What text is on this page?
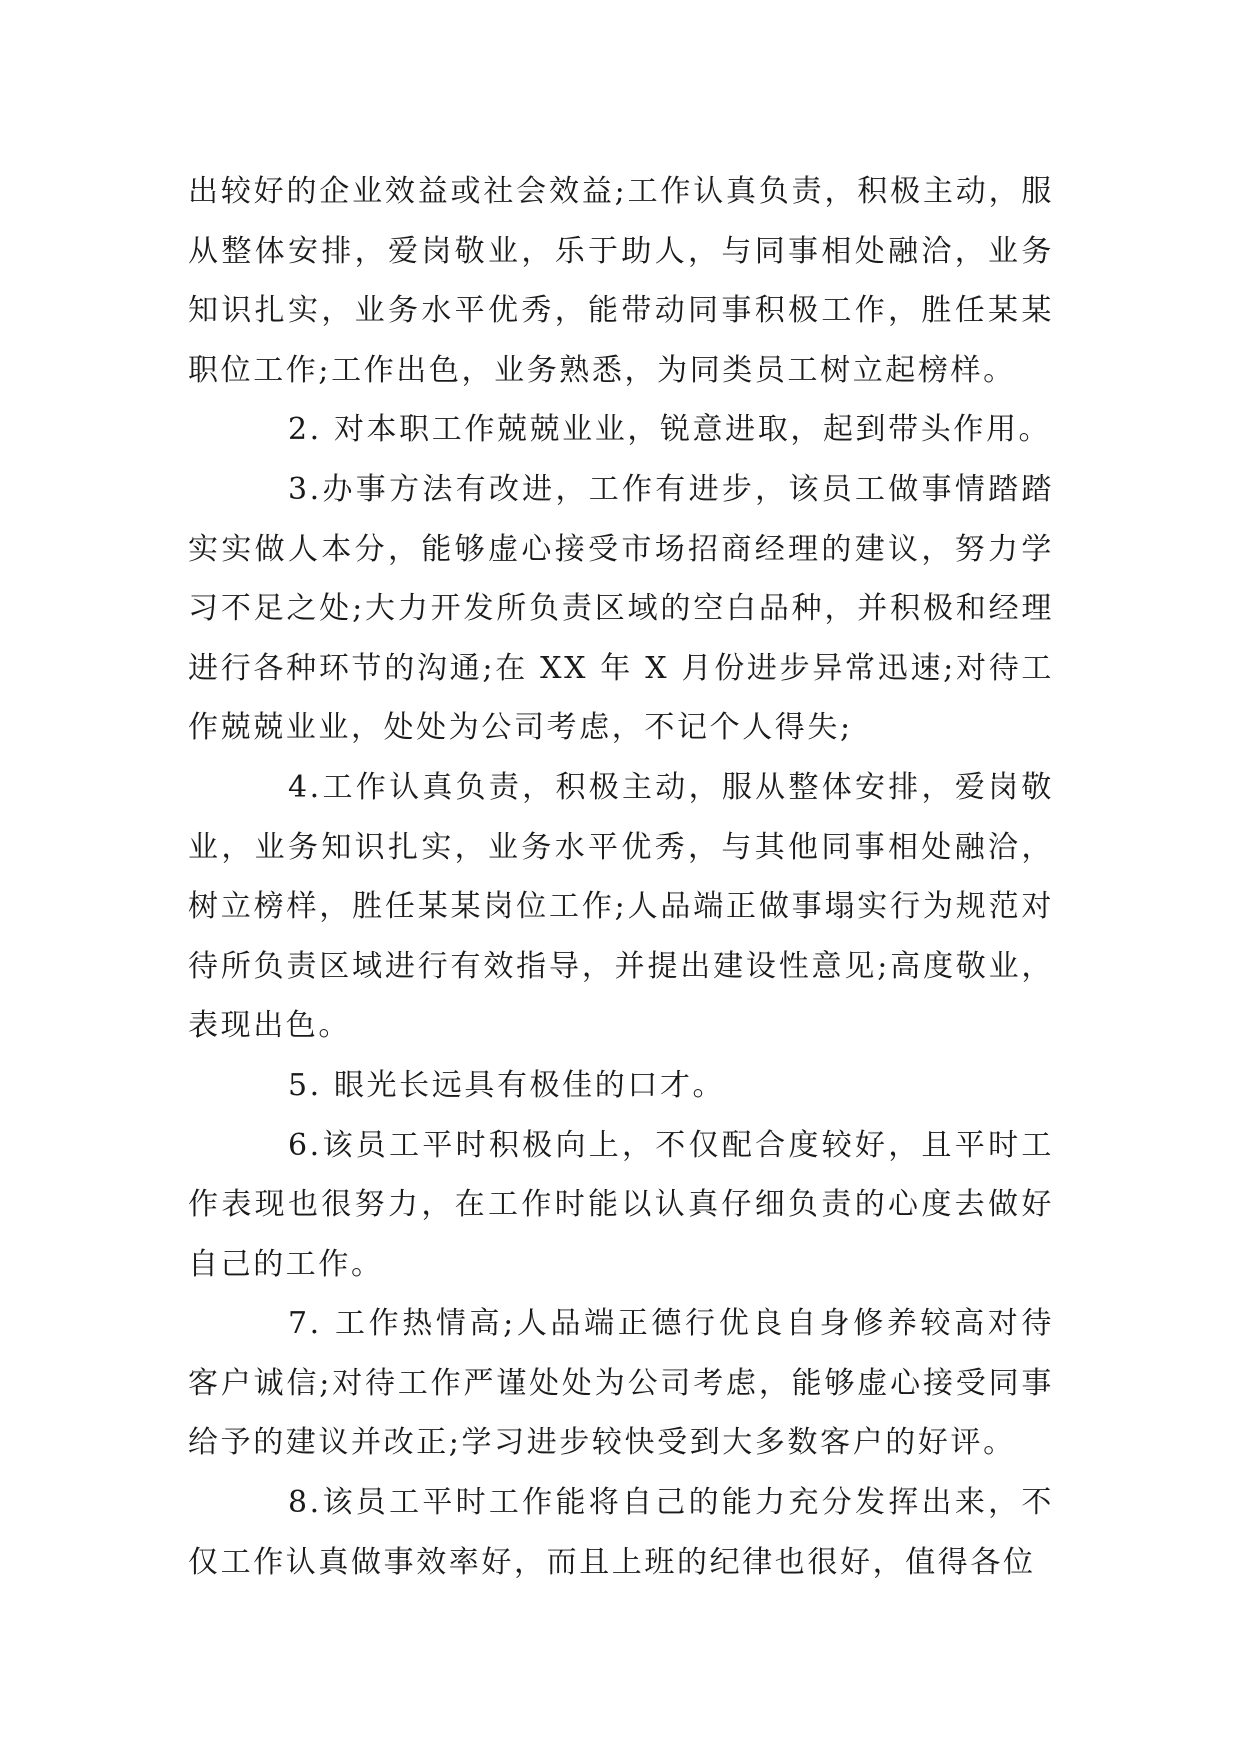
出较好的企业效益或社会效益;工作认真负责，积极主动，服从整体安排，爱岗敬业，乐于助人，与同事相处融洽，业务知识扎实，业务水平优秀，能带动同事积极工作，胜任某某职位工作;工作出色，业务熟悉，为同类员工树立起榜样。

2. 对本职工作兢兢业业，锐意进取，起到带头作用。

3.办事方法有改进，工作有进步，该员工做事情踏踏实实做人本分，能够虚心接受市场招商经理的建议，努力学习不足之处;大力开发所负责区域的空白品种，并积极和经理进行各种环节的沟通;在 XX 年 X 月份进步异常迅速;对待工作兢兢业业，处处为公司考虑，不记个人得失;

4.工作认真负责，积极主动，服从整体安排，爱岗敬业，业务知识扎实，业务水平优秀，与其他同事相处融洽，树立榜样，胜任某某岗位工作;人品端正做事塌实行为规范对待所负责区域进行有效指导，并提出建设性意见;高度敬业，表现出色。

5. 眼光长远具有极佳的口才。

6.该员工平时积极向上，不仅配合度较好，且平时工作表现也很努力，在工作时能以认真仔细负责的心度去做好自己的工作。

7. 工作热情高;人品端正德行优良自身修养较高对待客户诚信;对待工作严谨处处为公司考虑，能够虚心接受同事给予的建议并改正;学习进步较快受到大多数客户的好评。

8.该员工平时工作能将自己的能力充分发挥出来，不仅工作认真做事效率好，而且上班的纪律也很好，值得各位
